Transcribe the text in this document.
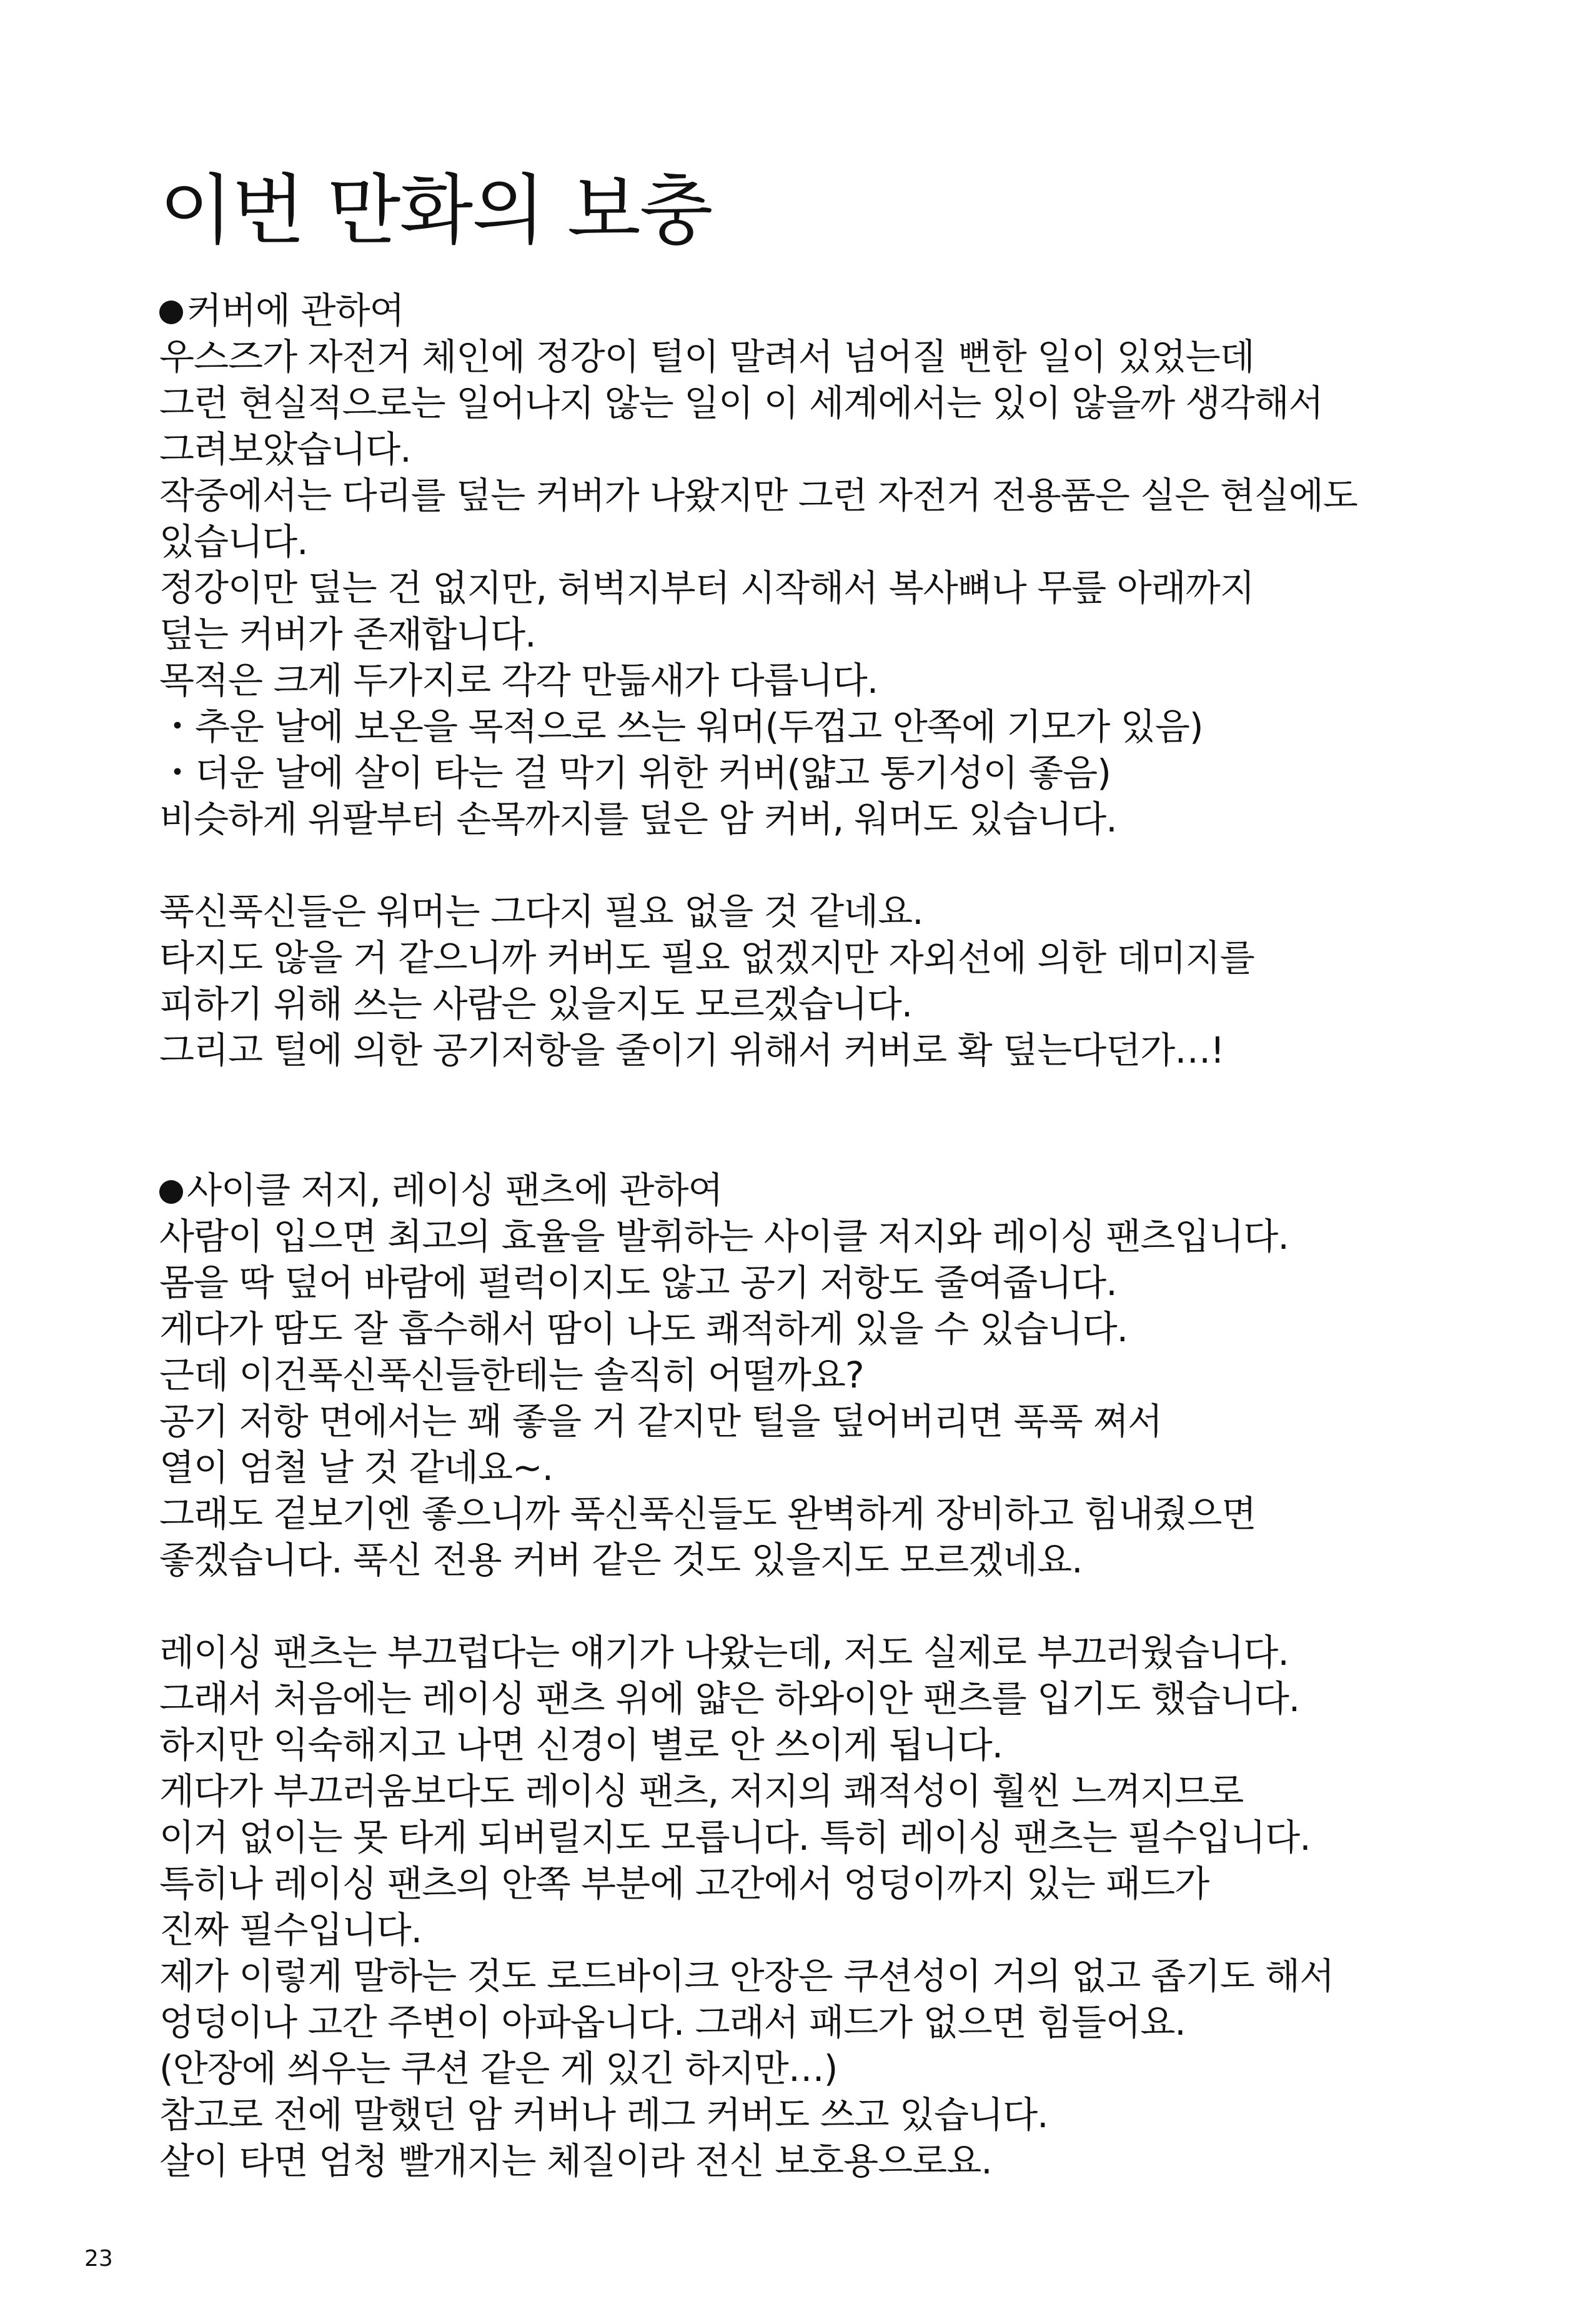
이번 만화의 보충
커버에 관하여
우스즈가 자전거 체인에 정강이 털이 말려서 넘어질 뻔한 일이 있었는데
그런 현실적으로는 일어나지 않는 일이 이 세계에서는 있이 않을까 생각해서
그려보았습니다.
작중에서는 다리를 덮는 커버가 나왔지만 그런 자전거 전용품은 실은 현실에도
있습니다.
정강이만 덮는 건 없지만, 허벅지부터 시작해서 복사뼈나 무릎 아래까지
덮는 커버가 존재합니다.
목적은 크게 두가지로 각각 만듦새가 다릅니다.
・추운 날에 보온을 목적으로 쓰는 워머(두껍고 안쪽에 기모가 있음)
・더운 날에 살이 타는 걸 막기 위한 커버(얇고 통기성이 좋음)
비슷하게 위팔부터 손목까지를 덮은 암 커버, 워머도 있습니다.
푹신푹신들은 워머는 그다지 필요 없을 것 같네요.
타지도 않을 거 같으니까 커버도 필요 없겠지만 자외선에 의한 데미지를
피하기 위해 쓰는 사람은 있을지도 모르겠습니다.
그리고 털에 의한 공기저항을 줄이기 위해서 커버로 확 덮는다던가…!
사이클 저지, 레이싱 팬츠에 관하여
사람이 입으면 최고의 효율을 발휘하는 사이클 저지와 레이싱 팬츠입니다.
몸을 딱 덮어 바람에 펄럭이지도 않고 공기 저항도 줄여줍니다.
게다가 땀도 잘 흡수해서 땀이 나도 쾌적하게 있을 수 있습니다.
근데 이건푹신푹신들한테는 솔직히 어떨까요?
공기 저항 면에서는 꽤 좋을 거 같지만 털을 덮어버리면 푹푹 쪄서
열이 엄철 날 것 같네요~.
그래도 겉보기엔 좋으니까 푹신푹신들도 완벽하게 장비하고 힘내줬으면
좋겠습니다. 푹신 전용 커버 같은 것도 있을지도 모르겠네요.
레이싱 팬츠는 부끄럽다는 얘기가 나왔는데, 저도 실제로 부끄러웠습니다.
그래서 처음에는 레이싱 팬츠 위에 얇은 하와이안 팬츠를 입기도 했습니다.
하지만 익숙해지고 나면 신경이 별로 안 쓰이게 됩니다.
게다가 부끄러움보다도 레이싱 팬츠, 저지의 쾌적성이 훨씬 느껴지므로
이거 없이는 못 타게 되버릴지도 모릅니다. 특히 레이싱 팬츠는 필수입니다.
특히나 레이싱 팬츠의 안쪽 부분에 고간에서 엉덩이까지 있는 패드가
진짜 필수입니다.
제가 이렇게 말하는 것도 로드바이크 안장은 쿠션성이 거의 없고 좁기도 해서
엉덩이나 고간 주변이 아파옵니다. 그래서 패드가 없으면 힘들어요.
(안장에 씌우는 쿠션 같은 게 있긴 하지만…)
참고로 전에 말했던 암 커버나 레그 커버도 쓰고 있습니다.
살이 타면 엄청 빨개지는 체질이라 전신 보호용으로요.
23
